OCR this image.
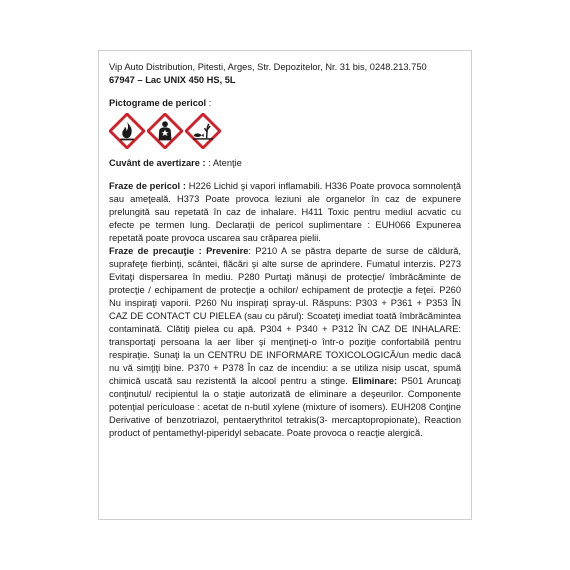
Vip Auto Distribution, Pitesti, Arges, Str. Depozitelor, Nr. 31 bis, 0248.213.750
67947 – Lac UNIX 450 HS, 5L
Pictograme de pericol :
Cuvânt de avertizare : : Atenţie
Fraze de pericol : H226 Lichid şi vapori inflamabili. H336 Poate provoca somnolenţă sau ameţeală. H373 Poate provoca leziuni ale organelor în caz de expunere prelungită sau repetată în caz de inhalare. H411 Toxic pentru mediul acvatic cu efecte pe termen lung. Declaraţii de pericol suplimentare : EUH066 Expunerea repetată poate provoca uscarea sau crăparea pielii.
Fraze de precauţie : Prevenire: P210 A se păstra departe de surse de căldură, suprafeţe fierbinţi, scântei, flăcări şi alte surse de aprindere. Fumatul interzis. P273 Evitaţi dispersarea în mediu. P280 Purtaţi mănuşi de protecţie/ îmbrăcăminte de protecţie / echipament de protecţie a ochilor/ echipament de protecţie a feţei. P260 Nu inspiraţi vaporii. P260 Nu inspiraţi spray-ul. Răspuns: P303 + P361 + P353 ÎN CAZ DE CONTACT CU PIELEA (sau cu părul): Scoateţi imediat toată îmbrăcămintea contaminată. Clătiţi pielea cu apă. P304 + P340 + P312 ÎN CAZ DE INHALARE: transportaţi persoana la aer liber şi menţineţi-o într-o poziţie confortabilă pentru respiraţie. Sunaţi la un CENTRU DE INFORMARE TOXICOLOGICĂ/un medic dacă nu vă simţiţi bine. P370 + P378 În caz de incendiu: a se utiliza nisip uscat, spumă chimică uscată sau rezistentă la alcool pentru a stinge. Eliminare: P501 Aruncaţi conţinutul/ recipientul la o staţie autorizată de eliminare a deşeurilor. Componente potenţial periculoase : acetat de n-butil xylene (mixture of isomers). EUH208 Conţine Derivative of benzotriazol, pentaerythritol tetrakis(3- mercaptopropionate), Reaction product of pentamethyl-piperidyl sebacate. Poate provoca o reacţie alergică.
